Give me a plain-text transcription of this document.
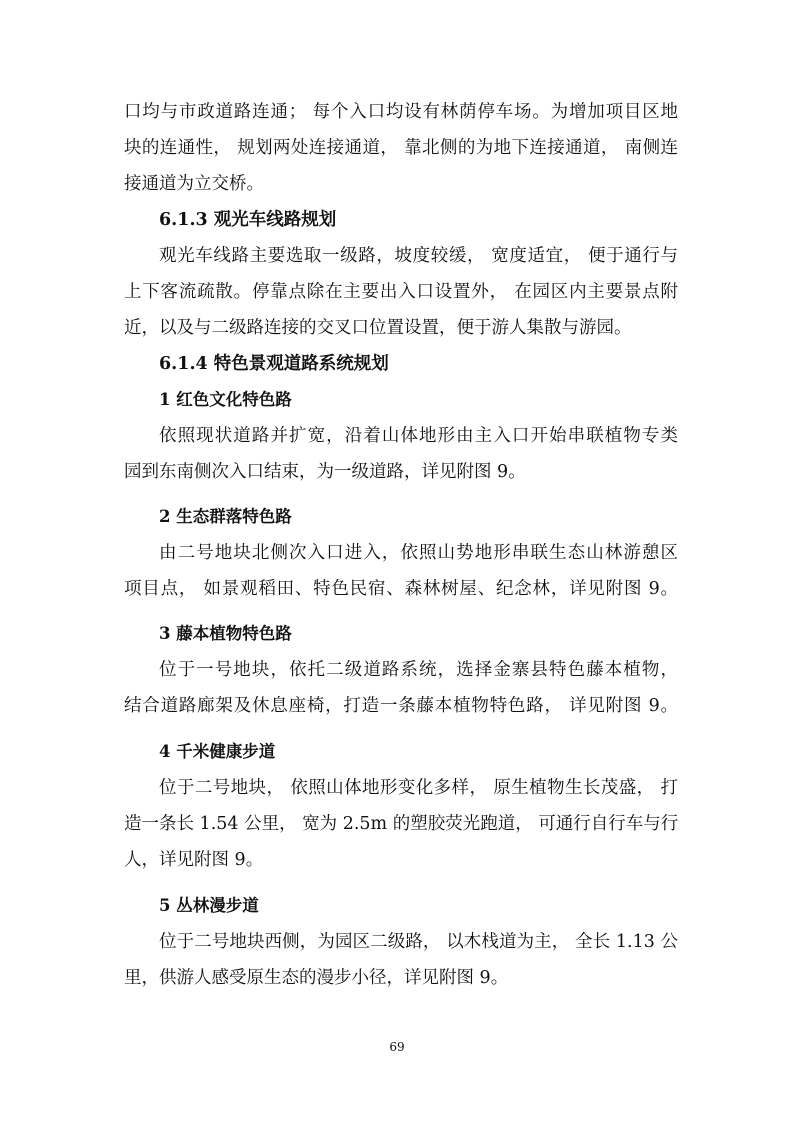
口均与市政道路连通； 每个入口均设有林荫停车场。为增加项目区地
块的连通性， 规划两处连接通道， 靠北侧的为地下连接通道， 南侧连
接通道为立交桥。
6.1.3 观光车线路规划
观光车线路主要选取一级路，坡度较缓， 宽度适宜， 便于通行与
上下客流疏散。停靠点除在主要出入口设置外， 在园区内主要景点附
近，以及与二级路连接的交叉口位置设置，便于游人集散与游园。
6.1.4 特色景观道路系统规划
1 红色文化特色路
依照现状道路并扩宽，沿着山体地形由主入口开始串联植物专类
园到东南侧次入口结束，为一级道路，详见附图 9。
2 生态群落特色路
由二号地块北侧次入口进入，依照山势地形串联生态山林游憩区
项目点， 如景观稻田、特色民宿、森林树屋、纪念林，详见附图 9。
3 藤本植物特色路
位于一号地块，依托二级道路系统，选择金寨县特色藤本植物，
结合道路廊架及休息座椅，打造一条藤本植物特色路， 详见附图 9。
4 千米健康步道
位于二号地块， 依照山体地形变化多样， 原生植物生长茂盛， 打
造一条长 1.54 公里， 宽为 2.5m 的塑胶荧光跑道， 可通行自行车与行
人，详见附图 9。
5 丛林漫步道
位于二号地块西侧，为园区二级路， 以木栈道为主， 全长 1.13 公
里，供游人感受原生态的漫步小径，详见附图 9。
69
